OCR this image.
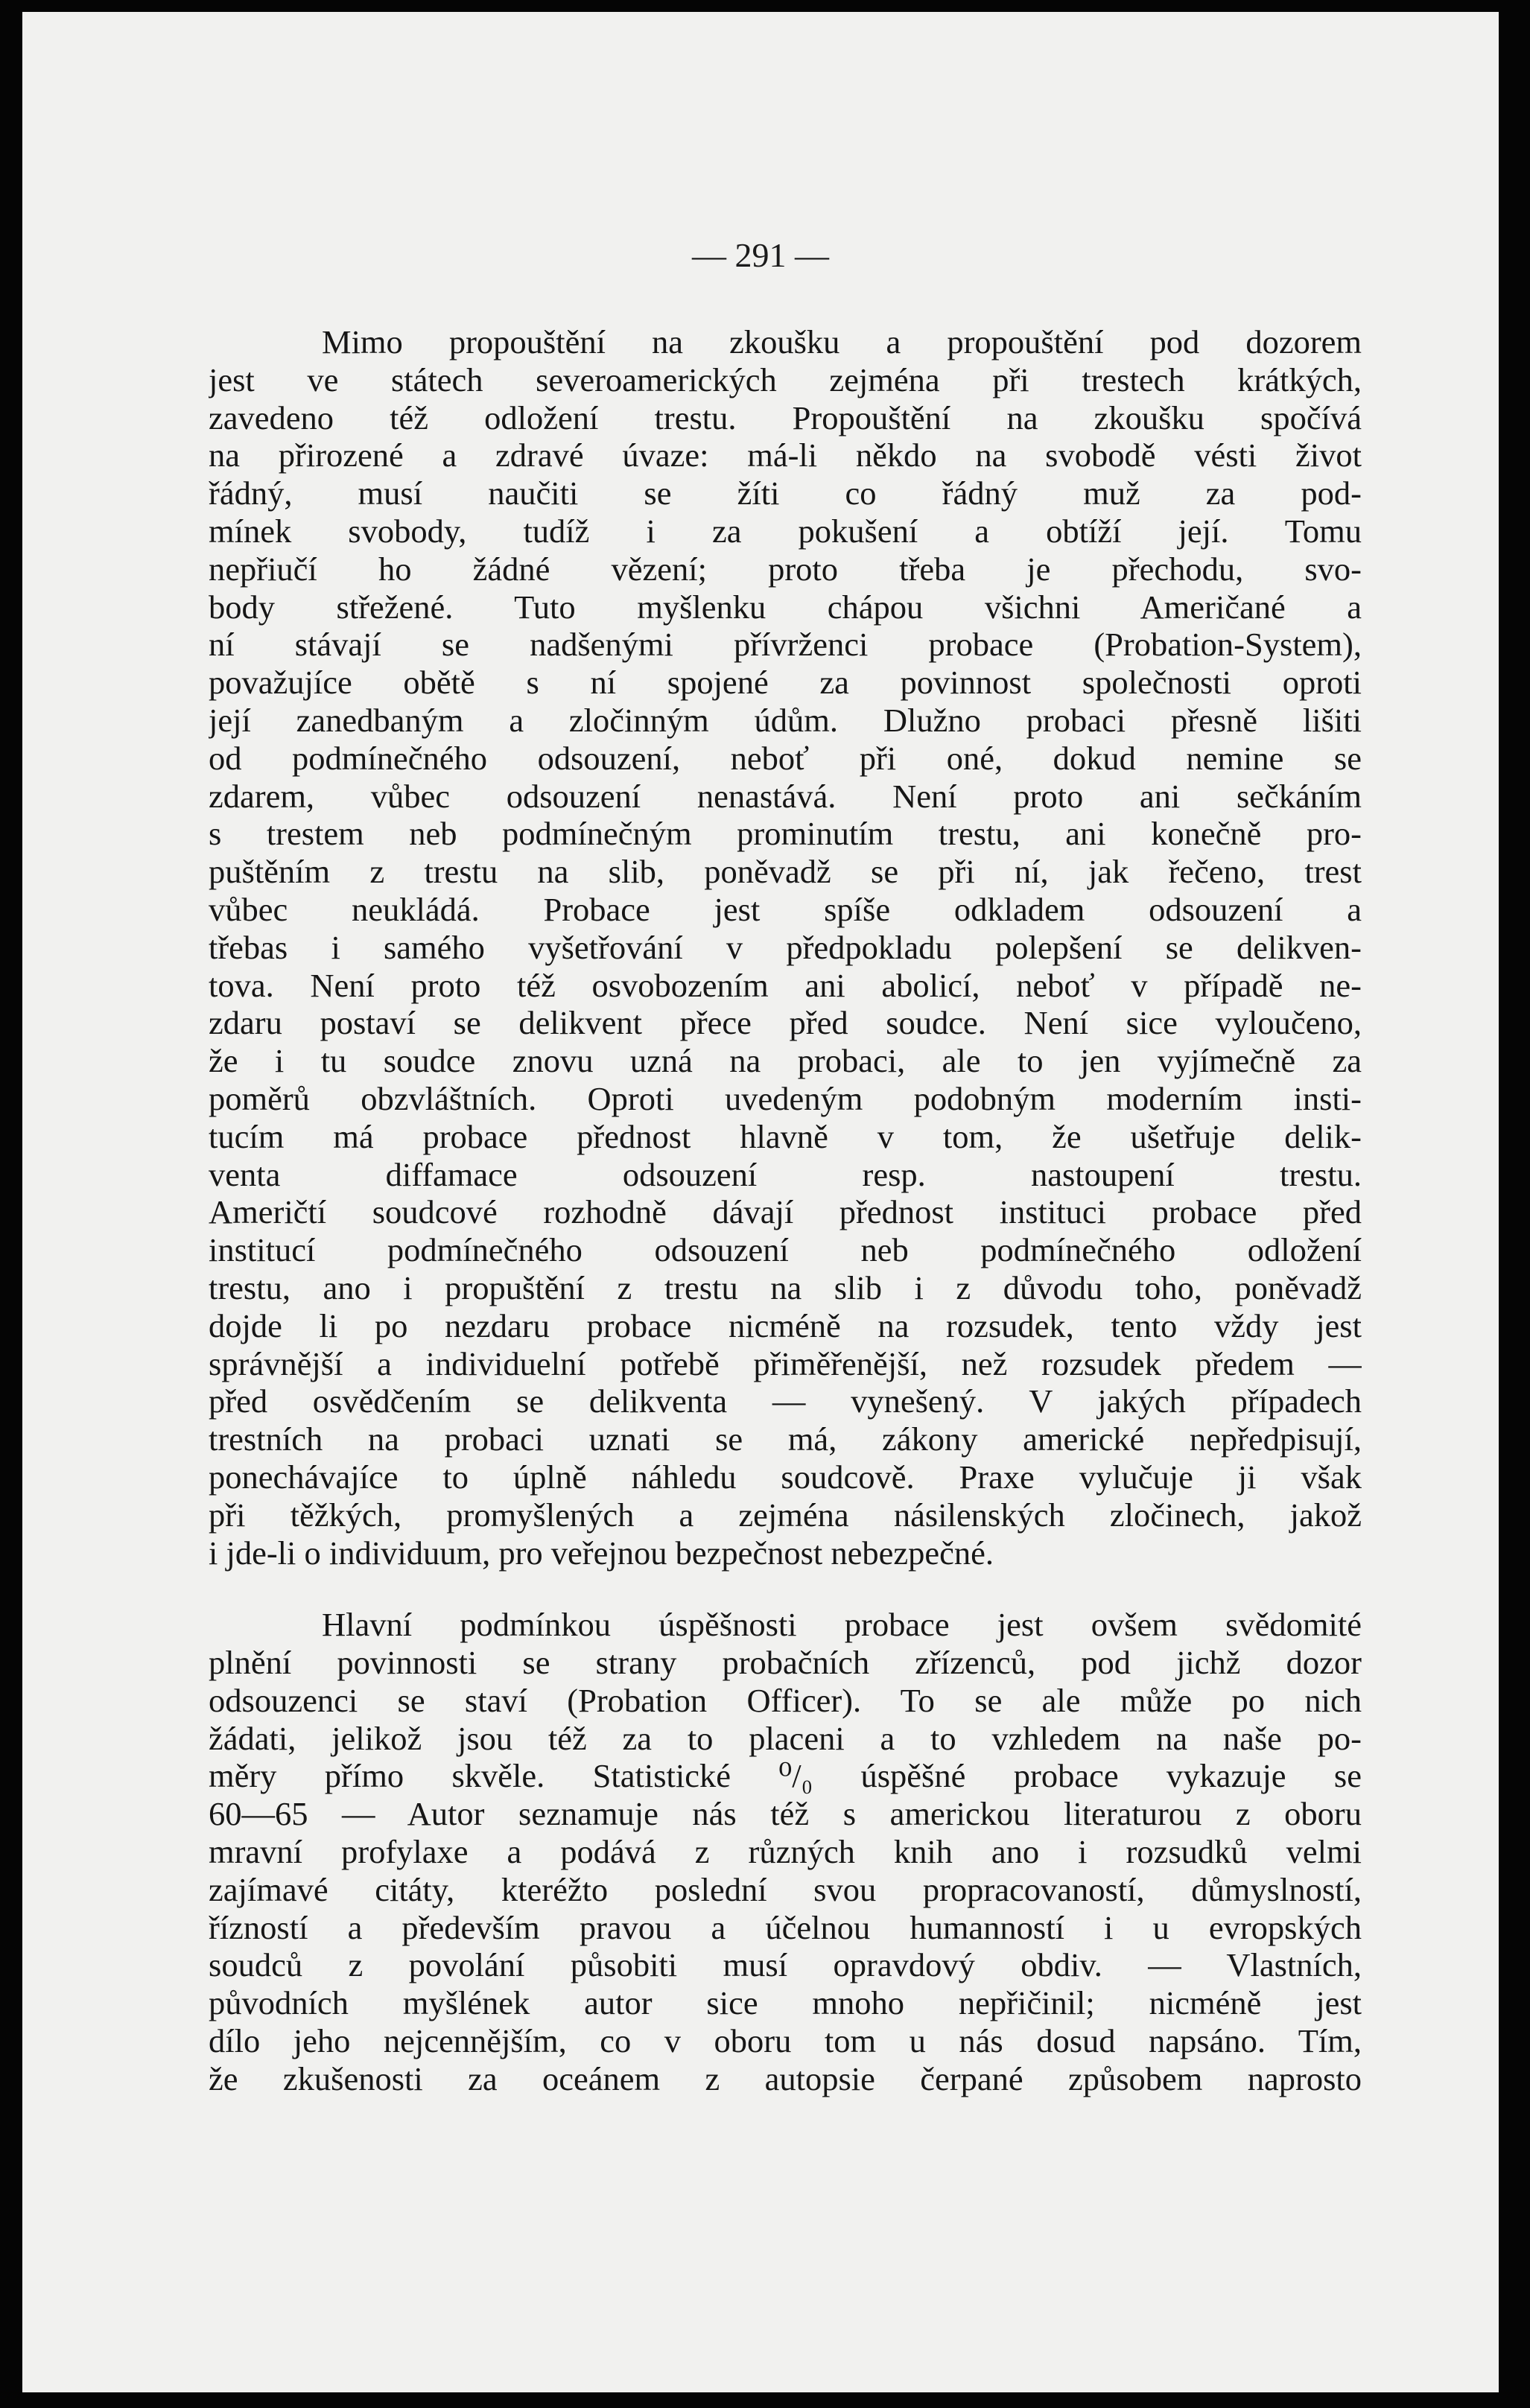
— 291 —

Mimo propouštění na zkoušku a propouštění pod dozorem
jest ve státech severoamerických zejména při trestech krátkých,
zavedeno též odložení trestu. Propouštění na zkoušku spočívá
na přirozené a zdravé úvaze: má-li někdo na svobodě vésti život
řádný, musí naučiti se žíti co řádný muž za pod-
mínek svobody, tudíž i za pokušení a obtíží její. Tomu
nepřiučí ho žádné vězení; proto třeba je přechodu, svo-
body střežené. Tuto myšlenku chápou všichni Američané a
ní stávají se nadšenými přívrženci probace (Probation-System),
považujíce obětě s ní spojené za povinnost společnosti oproti
její zanedbaným a zločinným údům. Dlužno probaci přesně lišiti
od podmínečného odsouzení, neboť při oné, dokud nemine se
zdarem, vůbec odsouzení nenastává. Není proto ani sečkáním
s trestem neb podmínečným prominutím trestu, ani konečně pro-
puštěním z trestu na slib, poněvadž se při ní, jak řečeno, trest
vůbec neukládá. Probace jest spíše odkladem odsouzení a
třebas i samého vyšetřování v předpokladu polepšení se delikven-
tova. Není proto též osvobozením ani abolicí, neboť v případě ne-
zdaru postaví se delikvent přece před soudce. Není sice vyloučeno,
že i tu soudce znovu uzná na probaci, ale to jen vyjímečně za
poměrů obzvláštních. Oproti uvedeným podobným moderním insti-
tucím má probace přednost hlavně v tom, že ušetřuje delik-
venta diffamace odsouzení resp. nastoupení trestu.
Američtí soudcové rozhodně dávají přednost instituci probace před
institucí podmínečného odsouzení neb podmínečného odložení
trestu, ano i propuštění z trestu na slib i z důvodu toho, poněvadž
dojde li po nezdaru probace nicméně na rozsudek, tento vždy jest
správnější a individuelní potřebě přiměřenější, než rozsudek předem —
před osvědčením se delikventa — vynešený. V jakých případech
trestních na probaci uznati se má, zákony americké nepředpisují,
ponechávajíce to úplně náhledu soudcově. Praxe vylučuje ji však
při těžkých, promyšlených a zejména násilenských zločinech, jakož
i jde-li o individuum, pro veřejnou bezpečnost nebezpečné.
Hlavní podmínkou úspěšnosti probace jest ovšem svědomité
plnění povinnosti se strany probačních zřízenců, pod jichž dozor
odsouzenci se staví (Probation Officer). To se ale může po nich
žádati, jelikož jsou též za to placeni a to vzhledem na naše po-
měry přímo skvěle. Statistické ⁰/₀ úspěšné probace vykazuje se
60—65 — Autor seznamuje nás též s americkou literaturou z oboru
mravní profylaxe a podává z různých knih ano i rozsudků velmi
zajímavé citáty, kteréžto poslední svou propracovaností, důmyslností,
řízností a především pravou a účelnou humanností i u evropských
soudců z povolání působiti musí opravdový obdiv. — Vlastních,
původních myšlének autor sice mnoho nepřičinil; nicméně jest
dílo jeho nejcennějším, co v oboru tom u nás dosud napsáno. Tím,
že zkušenosti za oceánem z autopsie čerpané způsobem naprosto
